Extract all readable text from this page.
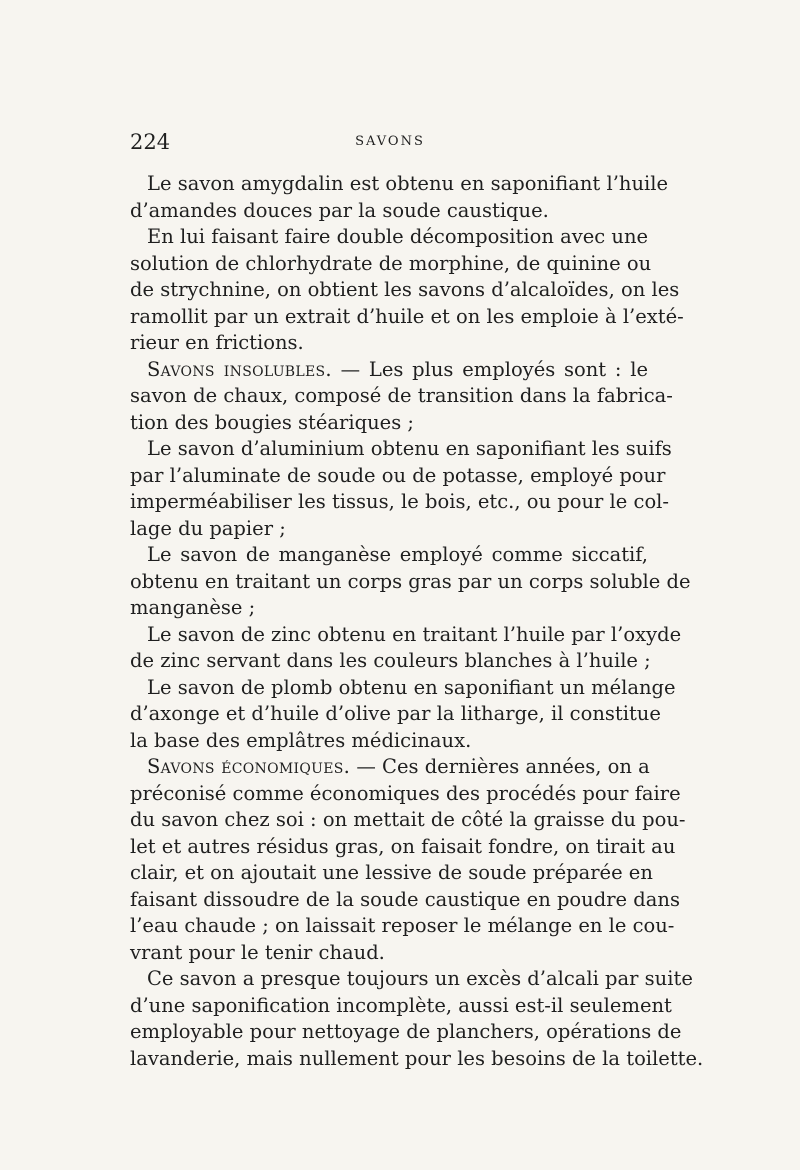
224	SAVONS
Le savon amygdalin est obtenu en saponifiant l’huile
d’amandes douces par la soude caustique.
En lui faisant faire double décomposition avec une
solution de chlorhydrate de morphine, de quinine ou
de strychnine, on obtient les savons d’alcaloïdes, on les
ramollit par un extrait d’huile et on les emploie à l’exté-
rieur en frictions.
Savons insolubles. — Les plus employés sont : le
savon de chaux, composé de transition dans la fabrica-
tion des bougies stéariques ;
Le savon d’aluminium obtenu en saponifiant les suifs
par l’aluminate de soude ou de potasse, employé pour
imperméabiliser les tissus, le bois, etc., ou pour le col-
lage du papier ;
Le savon de manganèse employé comme siccatif,
obtenu en traitant un corps gras par un corps soluble de
manganèse ;
Le savon de zinc obtenu en traitant l’huile par l’oxyde
de zinc servant dans les couleurs blanches à l’huile ;
Le savon de plomb obtenu en saponifiant un mélange
d’axonge et d’huile d’olive par la litharge, il constitue
la base des emplâtres médicinaux.
Savons économiques. — Ces dernières années, on a
préconisé comme économiques des procédés pour faire
du savon chez soi : on mettait de côté la graisse du pou-
let et autres résidus gras, on faisait fondre, on tirait au
clair, et on ajoutait une lessive de soude préparée en
faisant dissoudre de la soude caustique en poudre dans
l’eau chaude ; on laissait reposer le mélange en le cou-
vrant pour le tenir chaud.
Ce savon a presque toujours un excès d’alcali par suite
d’une saponification incomplète, aussi est-il seulement
employable pour nettoyage de planchers, opérations de
lavanderie, mais nullement pour les besoins de la toilette.
